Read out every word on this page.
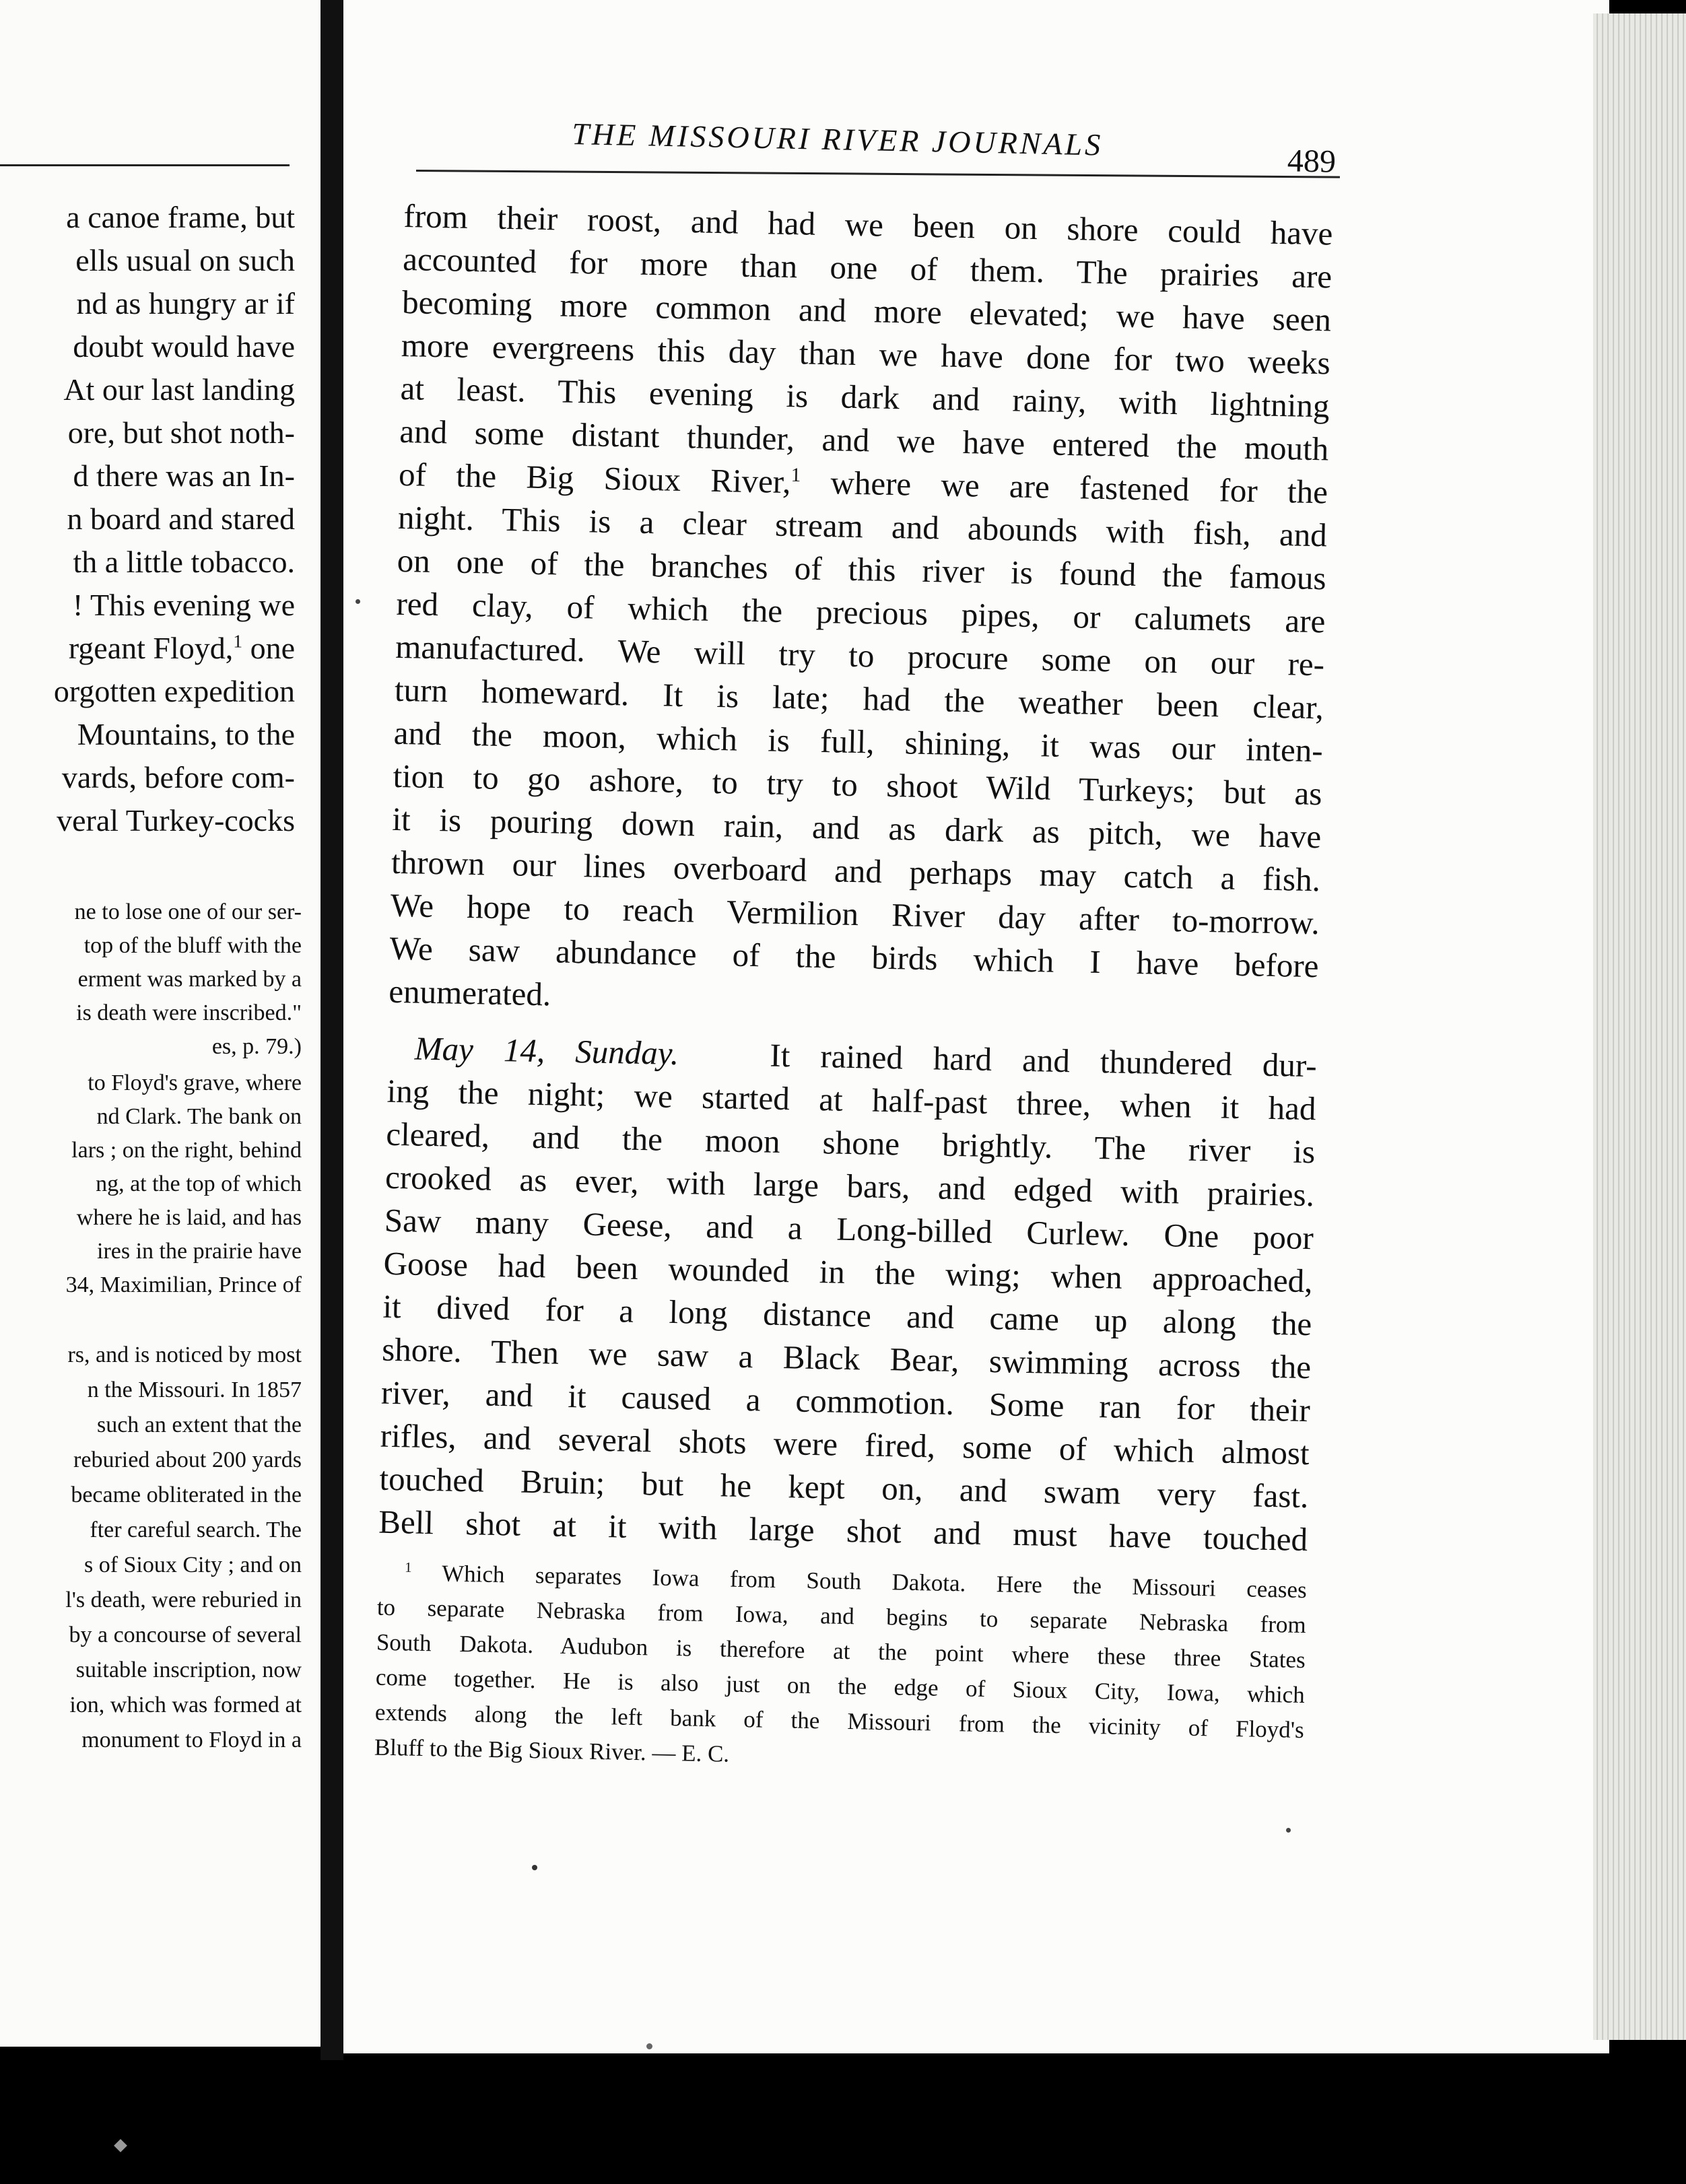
a canoe frame, but
ells usual on such
nd as hungry ar if
doubt would have
At our last landing
ore, but shot noth-
d there was an In-
n board and stared
th a little tobacco.
! This evening we
rgeant Floyd,$^1$ one
orgotten expedition
Mountains, to the
vards, before com-
veral Turkey-cocks
ne to lose one of our ser-
top of the bluff with the
erment was marked by a
is death were inscribed."
es, p. 79.)
to Floyd's grave, where
nd Clark. The bank on
lars ; on the right, behind
ng, at the top of which
where he is laid, and has
ires in the prairie have
34, Maximilian, Prince of
rs, and is noticed by most
n the Missouri. In 1857
such an extent that the
reburied about 200 yards
became obliterated in the
fter careful search. The
s of Sioux City ; and on
l's death, were reburied in
by a concourse of several
suitable inscription, now
ion, which was formed at
monument to Floyd in a
THE MISSOURI RIVER JOURNALS	489
from their roost, and had we been on shore could have
accounted for more than one of them. The prairies are
becoming more common and more elevated; we have seen
more evergreens this day than we have done for two weeks
at least. This evening is dark and rainy, with lightning
and some distant thunder, and we have entered the mouth
of the Big Sioux River,$^1$ where we are fastened for the
night. This is a clear stream and abounds with fish, and
on one of the branches of this river is found the famous
red clay, of which the precious pipes, or calumets are
manufactured. We will try to procure some on our re-
turn homeward. It is late; had the weather been clear,
and the moon, which is full, shining, it was our inten-
tion to go ashore, to try to shoot Wild Turkeys; but as
it is pouring down rain, and as dark as pitch, we have
thrown our lines overboard and perhaps may catch a fish.
We hope to reach Vermilion River day after to-morrow.
We saw abundance of the birds which I have before
enumerated.
May 14, Sunday.	It rained hard and thundered dur-
ing the night; we started at half-past three, when it had
cleared, and the moon shone brightly. The river is
crooked as ever, with large bars, and edged with prairies.
Saw many Geese, and a Long-billed Curlew. One poor
Goose had been wounded in the wing; when approached,
it dived for a long distance and came up along the
shore. Then we saw a Black Bear, swimming across the
river, and it caused a commotion. Some ran for their
rifles, and several shots were fired, some of which almost
touched Bruin; but he kept on, and swam very fast.
Bell shot at it with large shot and must have touched
$^1$ Which separates Iowa from South Dakota. Here the Missouri ceases
to separate Nebraska from Iowa, and begins to separate Nebraska from
South Dakota. Audubon is therefore at the point where these three States
come together. He is also just on the edge of Sioux City, Iowa, which
extends along the left bank of the Missouri from the vicinity of Floyd's
Bluff to the Big Sioux River. — E. C.
